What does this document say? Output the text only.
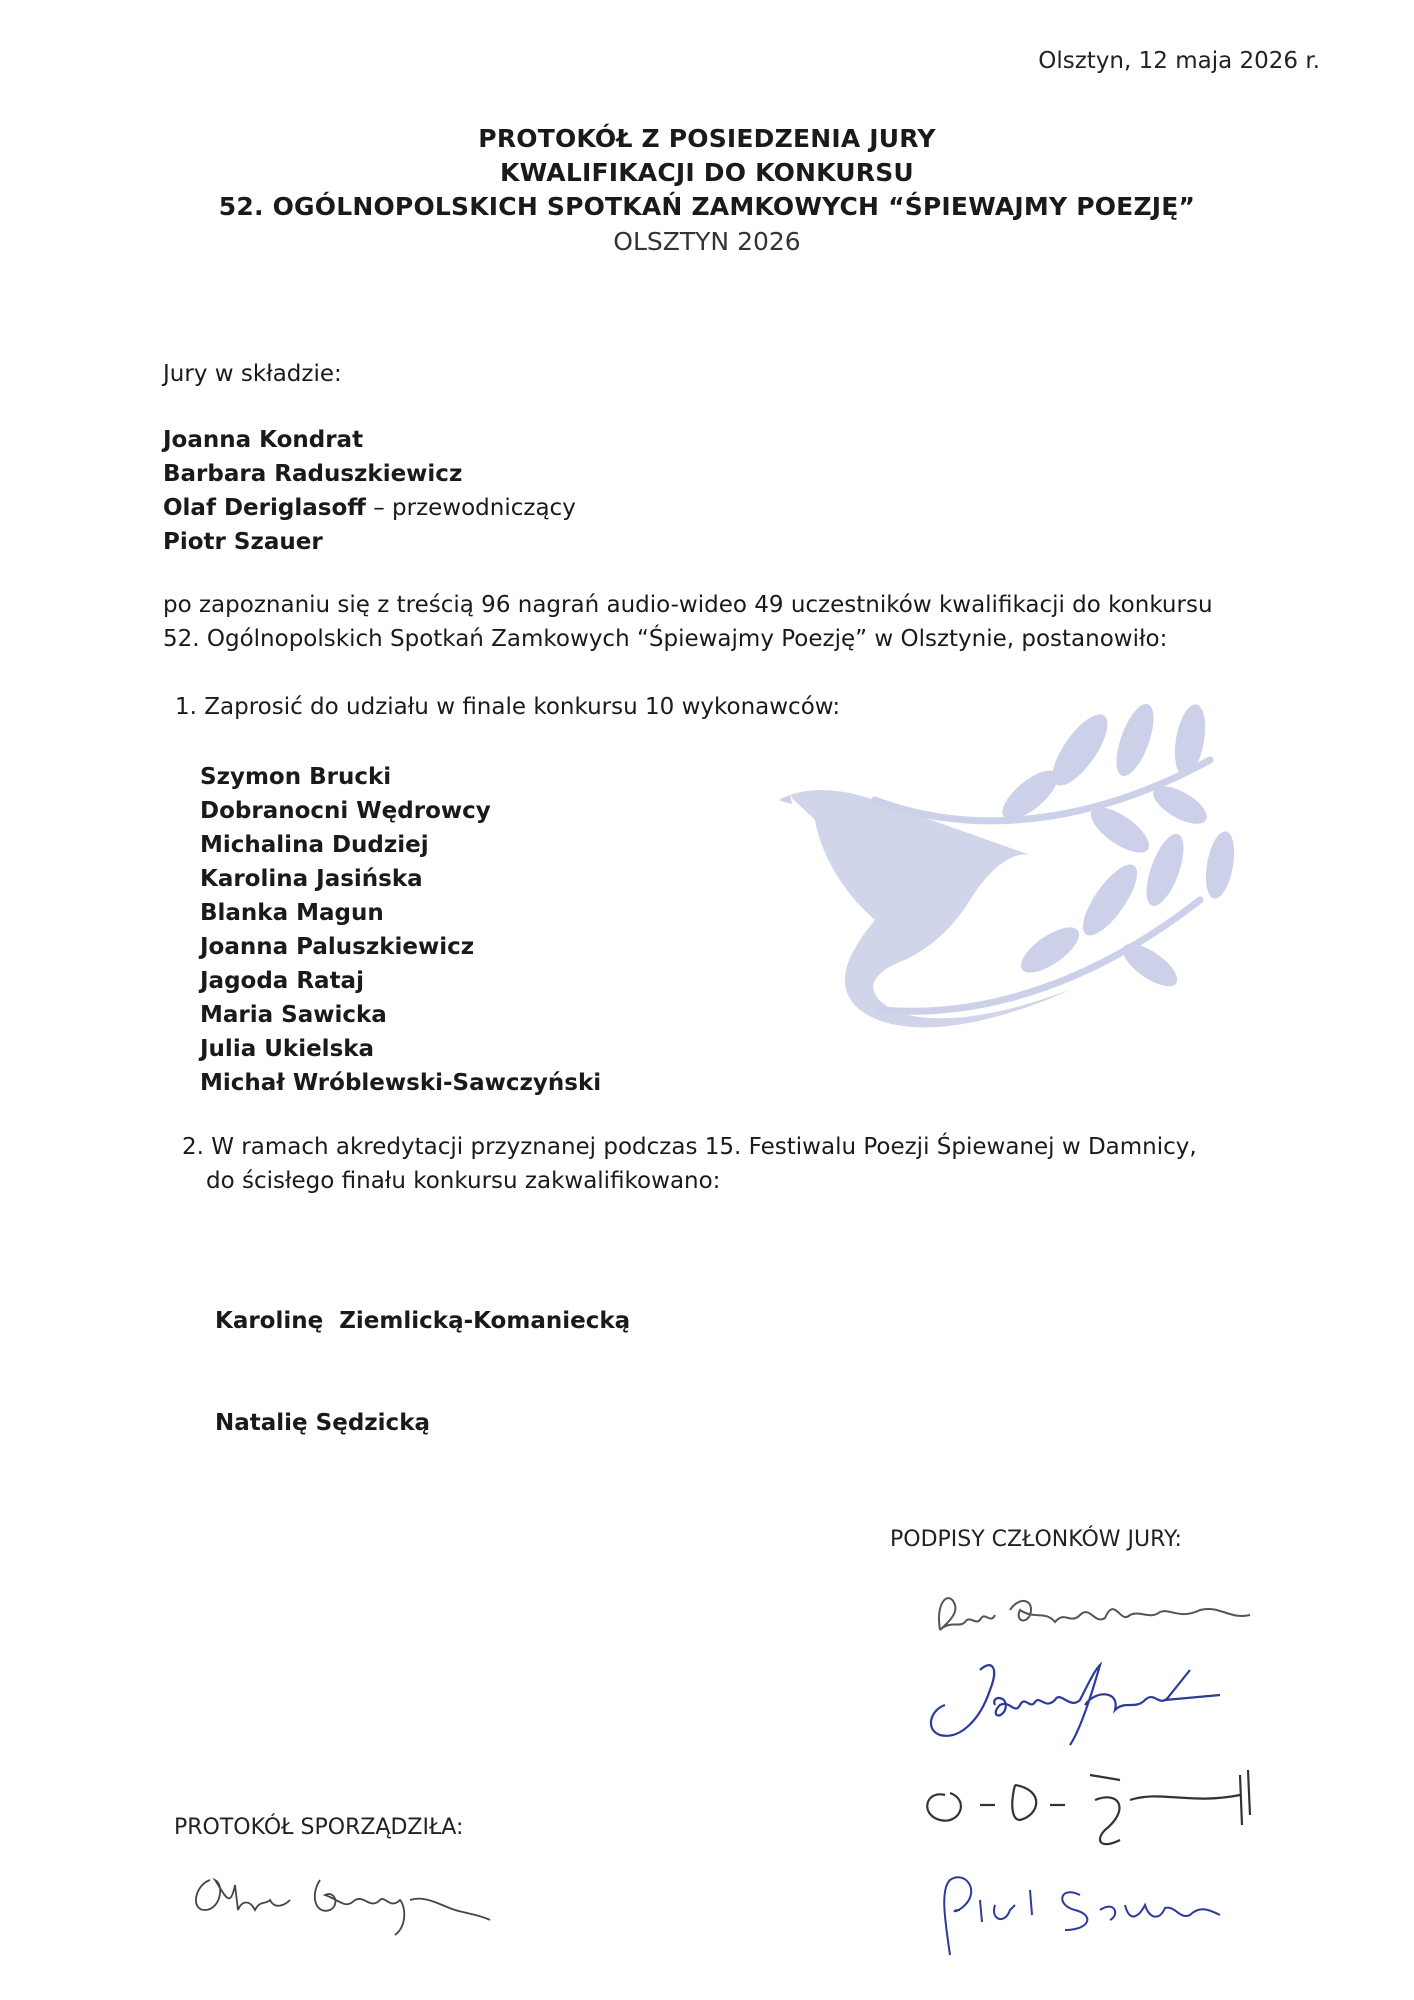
Olsztyn, 12 maja 2026 r.
PROTOKÓŁ Z POSIEDZENIA JURY
KWALIFIKACJI DO KONKURSU
52. OGÓLNOPOLSKICH SPOTKAŃ ZAMKOWYCH “ŚPIEWAJMY POEZJĘ”
OLSZTYN 2026
Jury w składzie:
Joanna Kondrat
Barbara Raduszkiewicz
Olaf Deriglasoff – przewodniczący
Piotr Szauer
po zapoznaniu się z treścią 96 nagrań audio-wideo 49 uczestników kwalifikacji do konkursu
52. Ogólnopolskich Spotkań Zamkowych “Śpiewajmy Poezję” w Olsztynie, postanowiło:
1. Zaprosić do udziału w finale konkursu 10 wykonawców:
Szymon Brucki
Dobranocni Wędrowcy
Michalina Dudziej
Karolina Jasińska
Blanka Magun
Joanna Paluszkiewicz
Jagoda Rataj
Maria Sawicka
Julia Ukielska
Michał Wróblewski-Sawczyński
2. W ramach akredytacji przyznanej podczas 15. Festiwalu Poezji Śpiewanej w Damnicy,
do ścisłego finału konkursu zakwalifikowano:

Karolinę  Ziemlicką-Komaniecką

Natalię Sędzicką

PODPISY CZŁONKÓW JURY:
PROTOKÓŁ SPORZĄDZIŁA:
